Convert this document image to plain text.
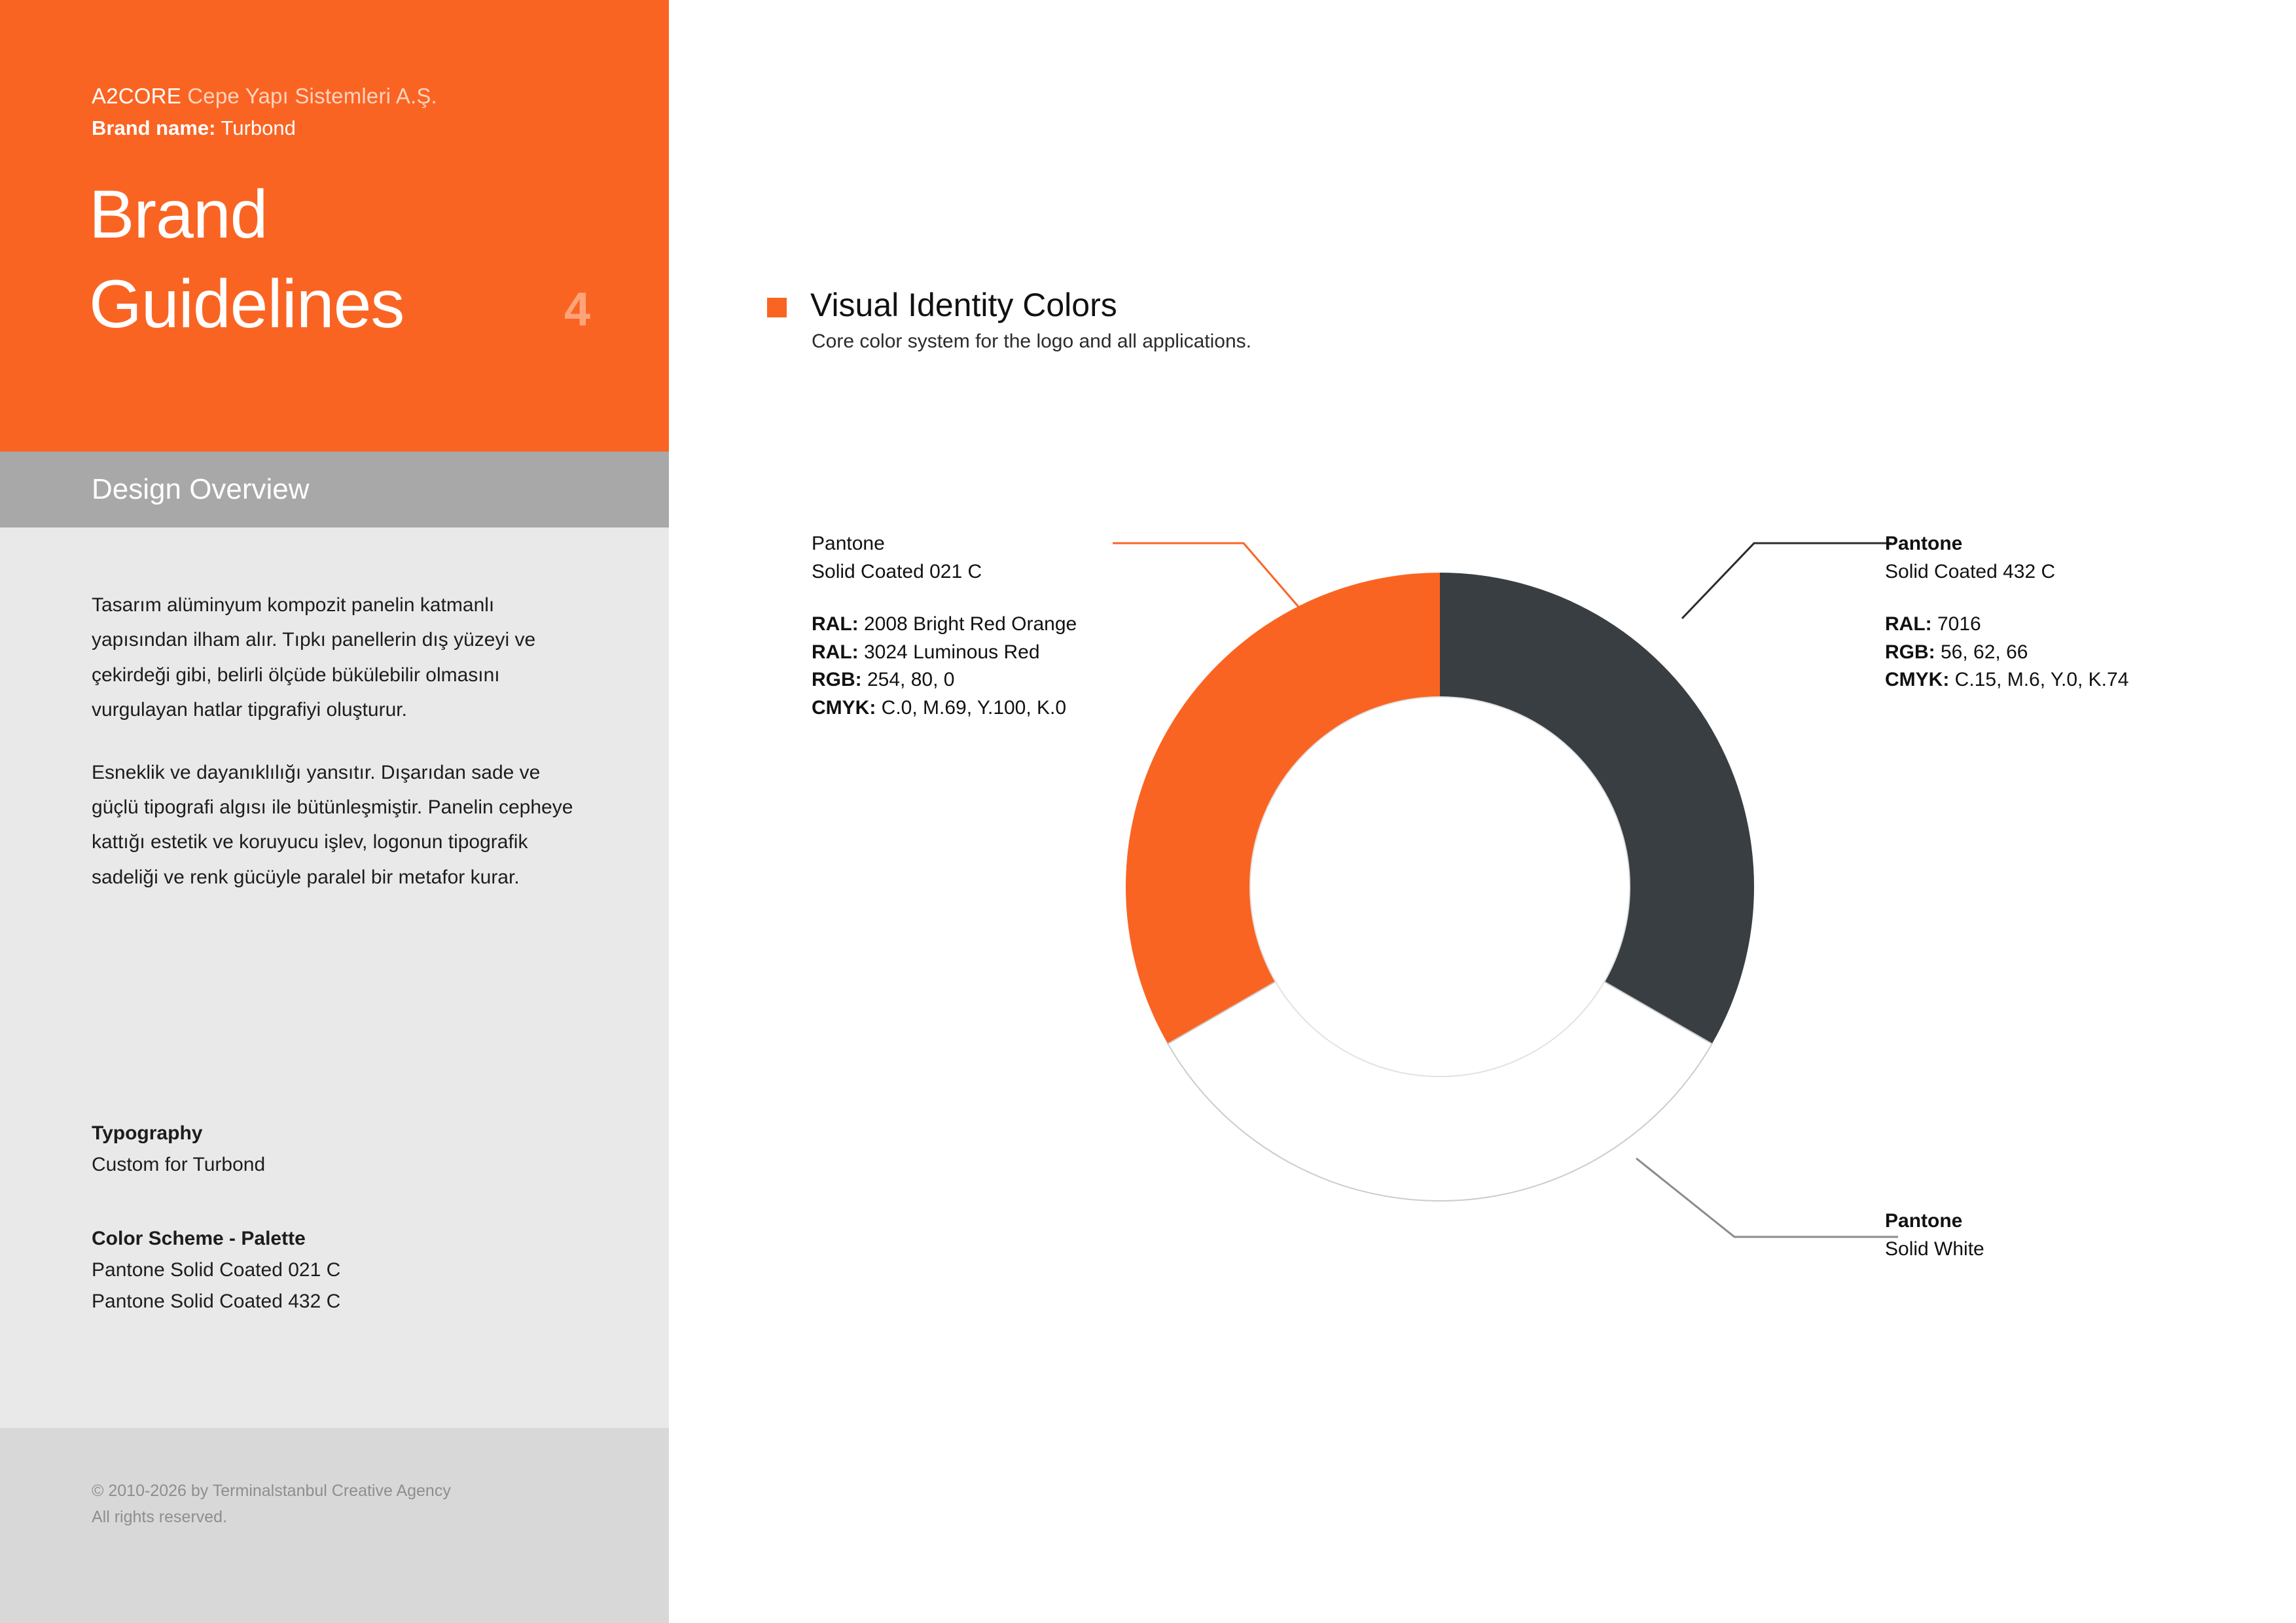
A2CORE Cepe Yapı Sistemleri A.Ş.
Brand name: Turbond
Brand
Guidelines	4
Design Overview

Tasarım alüminyum kompozit panelin katmanlı yapısından ilham alır. Tıpkı panellerin dış yüzeyi ve çekirdeği gibi, belirli ölçüde bükülebilir olmasını vurgulayan hatlar tipgrafiyi oluşturur.

Esneklik ve dayanıklılığı yansıtır. Dışarıdan sade ve güçlü tipografi algısı ile bütünleşmiştir. Panelin cepheye kattığı estetik ve koruyucu işlev, logonun tipografik sadeliği ve renk gücüyle paralel bir metafor kurar.

Typography
Custom for Turbond
Color Scheme - Palette
Pantone Solid Coated 021 C
Pantone Solid Coated 432 C
© 2010-2026 by Terminalstanbul Creative Agency
All rights reserved.
Visual Identity Colors
Core color system for the logo and all applications.
Pantone
Solid Coated 021 C
RAL: 2008 Bright Red Orange
RAL: 3024 Luminous Red
RGB: 254, 80, 0
CMYK: C.0, M.69, Y.100, K.0
Pantone
Solid Coated 432 C
RAL: 7016
RGB: 56, 62, 66
CMYK: C.15, M.6, Y.0, K.74
Pantone
Solid White
